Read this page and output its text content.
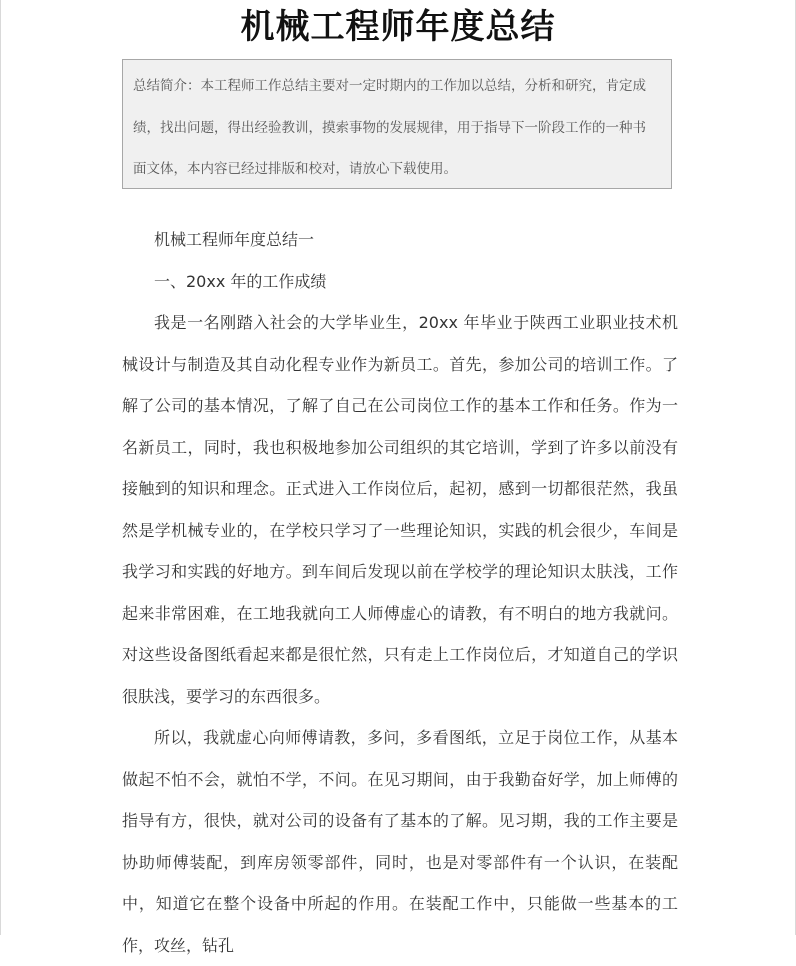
机械工程师年度总结
总结简介：本工程师工作总结主要对一定时期内的工作加以总结，分析和研究，肯定成绩，找出问题，得出经验教训，摸索事物的发展规律，用于指导下一阶段工作的一种书面文体，本内容已经过排版和校对，请放心下载使用。

机械工程师年度总结一

一、20xx 年的工作成绩

我是一名刚踏入社会的大学毕业生，20xx 年毕业于陕西工业职业技术机械设计与制造及其自动化程专业作为新员工。首先，参加公司的培训工作。了解了公司的基本情况，了解了自己在公司岗位工作的基本工作和任务。作为一名新员工，同时，我也积极地参加公司组织的其它培训，学到了许多以前没有接触到的知识和理念。正式进入工作岗位后，起初，感到一切都很茫然，我虽然是学机械专业的，在学校只学习了一些理论知识，实践的机会很少，车间是我学习和实践的好地方。到车间后发现以前在学校学的理论知识太肤浅，工作起来非常困难，在工地我就向工人师傅虚心的请教，有不明白的地方我就问。对这些设备图纸看起来都是很忙然，只有走上工作岗位后，才知道自己的学识很肤浅，要学习的东西很多。

所以，我就虚心向师傅请教，多问，多看图纸，立足于岗位工作，从基本做起不怕不会，就怕不学，不问。在见习期间，由于我勤奋好学，加上师傅的指导有方，很快，就对公司的设备有了基本的了解。见习期，我的工作主要是协助师傅装配，到库房领零部件，同时，也是对零部件有一个认识，在装配中，知道它在整个设备中所起的作用。在装配工作中，只能做一些基本的工作，攻丝，钻孔
